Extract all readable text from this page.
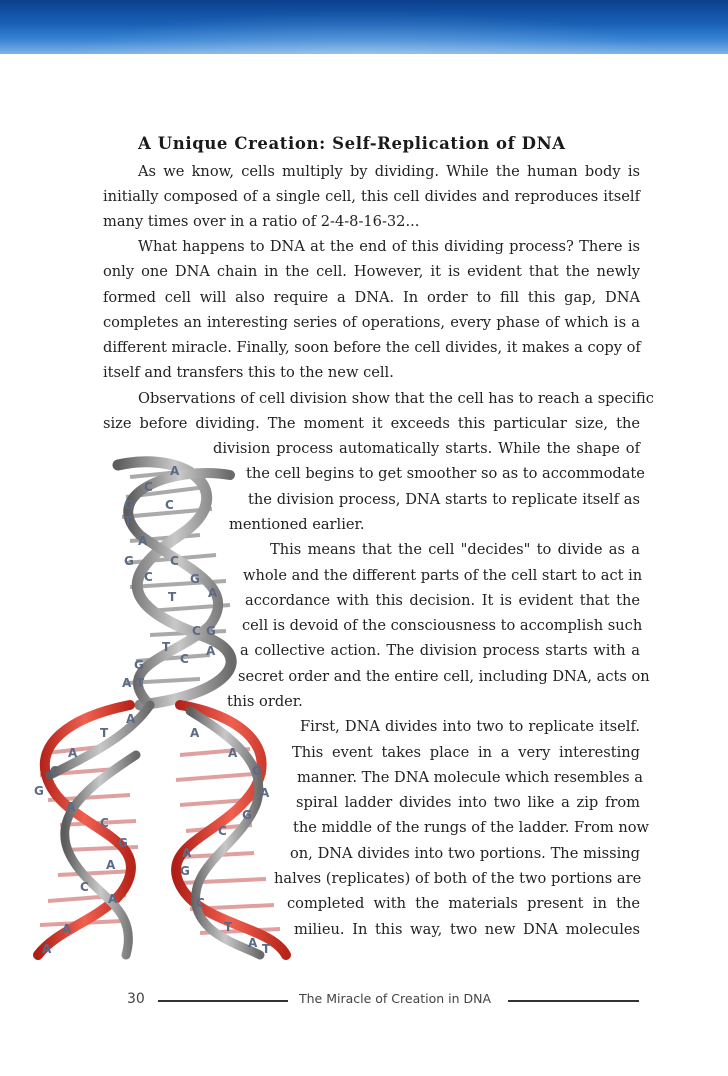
A Unique Creation: Self-Replication of DNA
As we know, cells multiply by dividing. While the human body is
initially composed of a single cell, this cell divides and reproduces itself
many times over in a ratio of 2-4-8-16-32...
What happens to DNA at the end of this dividing process? There is
only one DNA chain in the cell. However, it is evident that the newly
formed cell will also require a DNA. In order to fill this gap, DNA
completes an interesting series of operations, every phase of which is a
different miracle. Finally, soon before the cell divides, it makes a copy of
itself and transfers this to the new cell.
Observations of cell division show that the cell has to reach a specific
size before dividing. The moment it exceeds this particular size, the
division process automatically starts. While the shape of
the cell begins to get smoother so as to accommodate
the division process, DNA starts to replicate itself as
mentioned earlier.
This means that the cell "decides" to divide as a
whole and the different parts of the cell start to act in
accordance with this decision. It is evident that the
cell is devoid of the consciousness to accomplish such
a collective action. The division process starts with a
secret order and the entire cell, including DNA, acts on
this order.
First, DNA divides into two to replicate itself.
This event takes place in a very interesting
manner. The DNA molecule which resembles a
spiral ladder divides into two like a zip from
the middle of the rungs of the ladder. From now
on, DNA divides into two portions. The missing
halves (replicates) of both of the two portions are
completed with the materials present in the
milieu. In this way, two new DNA molecules
A
C
G	C
T
A
G	C
C	G
T	A
C G
T	A
G	C
A T
A
T	A
A
C
G
A
C
G
A
C
A
A
A
A
G
A
G
C
A
G
C
T
A T
30	The Miracle of Creation in DNA
